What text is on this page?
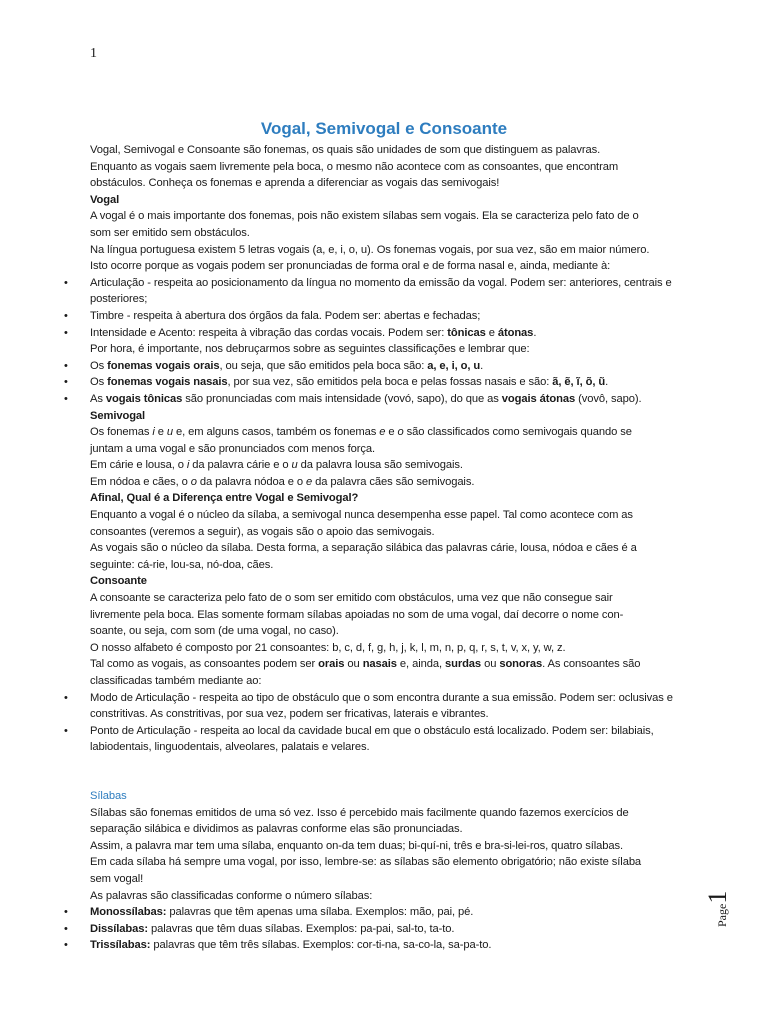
1
Vogal, Semivogal e Consoante

Vogal, Semivogal e Consoante são fonemas, os quais são unidades de som que distinguem as palavras.

Enquanto as vogais saem livremente pela boca, o mesmo não acontece com as consoantes, que encontram

obstáculos. Conheça os fonemas e aprenda a diferenciar as vogais das semivogais!

Vogal

A vogal é o mais importante dos fonemas, pois não existem sílabas sem vogais. Ela se caracteriza pelo fato de o

som ser emitido sem obstáculos.

Na língua portuguesa existem 5 letras vogais (a, e, i, o, u). Os fonemas vogais, por sua vez, são em maior número.

Isto ocorre porque as vogais podem ser pronunciadas de forma oral e de forma nasal e, ainda, mediante à:

• Articulação - respeita ao posicionamento da língua no momento da emissão da vogal. Podem ser: anteriores, centrais e posteriores;
• Timbre - respeita à abertura dos órgãos da fala. Podem ser: abertas e fechadas;
• Intensidade e Acento: respeita à vibração das cordas vocais. Podem ser: tônicas e átonas.
Por hora, é importante, nos debruçarmos sobre as seguintes classificações e lembrar que:
• Os fonemas vogais orais, ou seja, que são emitidos pela boca são: a, e, i, o, u.
• Os fonemas vogais nasais, por sua vez, são emitidos pela boca e pelas fossas nasais e são: ã, ẽ, ĩ, õ, ũ.
• As vogais tônicas são pronunciadas com mais intensidade (vovó, sapo), do que as vogais átonas (vovô, sapo).

Semivogal

Os fonemas i e u e, em alguns casos, também os fonemas e e o são classificados como semivogais quando se

juntam a uma vogal e são pronunciados com menos força.

Em cárie e lousa, o i da palavra cárie e o u da palavra lousa são semivogais.

Em nódoa e cães, o o da palavra nódoa e o e da palavra cães são semivogais.

Afinal, Qual é a Diferença entre Vogal e Semivogal?

Enquanto a vogal é o núcleo da sílaba, a semivogal nunca desempenha esse papel. Tal como acontece com as

consoantes (veremos a seguir), as vogais são o apoio das semivogais.

As vogais são o núcleo da sílaba. Desta forma, a separação silábica das palavras cárie, lousa, nódoa e cães é a

seguinte: cá-rie, lou-sa, nó-doa, cães.

Consoante

A consoante se caracteriza pelo fato de o som ser emitido com obstáculos, uma vez que não consegue sair

livremente pela boca. Elas somente formam sílabas apoiadas no som de uma vogal, daí decorre o nome con-

soante, ou seja, com som (de uma vogal, no caso).

O nosso alfabeto é composto por 21 consoantes: b, c, d, f, g, h, j, k, l, m, n, p, q, r, s, t, v, x, y, w, z.

Tal como as vogais, as consoantes podem ser orais ou nasais e, ainda, surdas ou sonoras. As consoantes são

classificadas também mediante ao:

• Modo de Articulação - respeita ao tipo de obstáculo que o som encontra durante a sua emissão. Podem ser: oclusivas e constritivas. As constritivas, por sua vez, podem ser fricativas, laterais e vibrantes.
• Ponto de Articulação - respeita ao local da cavidade bucal em que o obstáculo está localizado. Podem ser: bilabiais, labiodentais, linguodentais, alveolares, palatais e velares.

Sílabas

Sílabas são fonemas emitidos de uma só vez. Isso é percebido mais facilmente quando fazemos exercícios de

separação silábica e dividimos as palavras conforme elas são pronunciadas.

Assim, a palavra mar tem uma sílaba, enquanto on-da tem duas; bi-quí-ni, três e bra-si-lei-ros, quatro sílabas.

Em cada sílaba há sempre uma vogal, por isso, lembre-se: as sílabas são elemento obrigatório; não existe sílaba

sem vogal!

As palavras são classificadas conforme o número sílabas:

• Monossílabas: palavras que têm apenas uma sílaba. Exemplos: mão, pai, pé.
• Dissílabas: palavras que têm duas sílabas. Exemplos: pa-pai, sal-to, ta-to.
• Trissílabas: palavras que têm três sílabas. Exemplos: cor-ti-na, sa-co-la, sa-pa-to.
Page1
